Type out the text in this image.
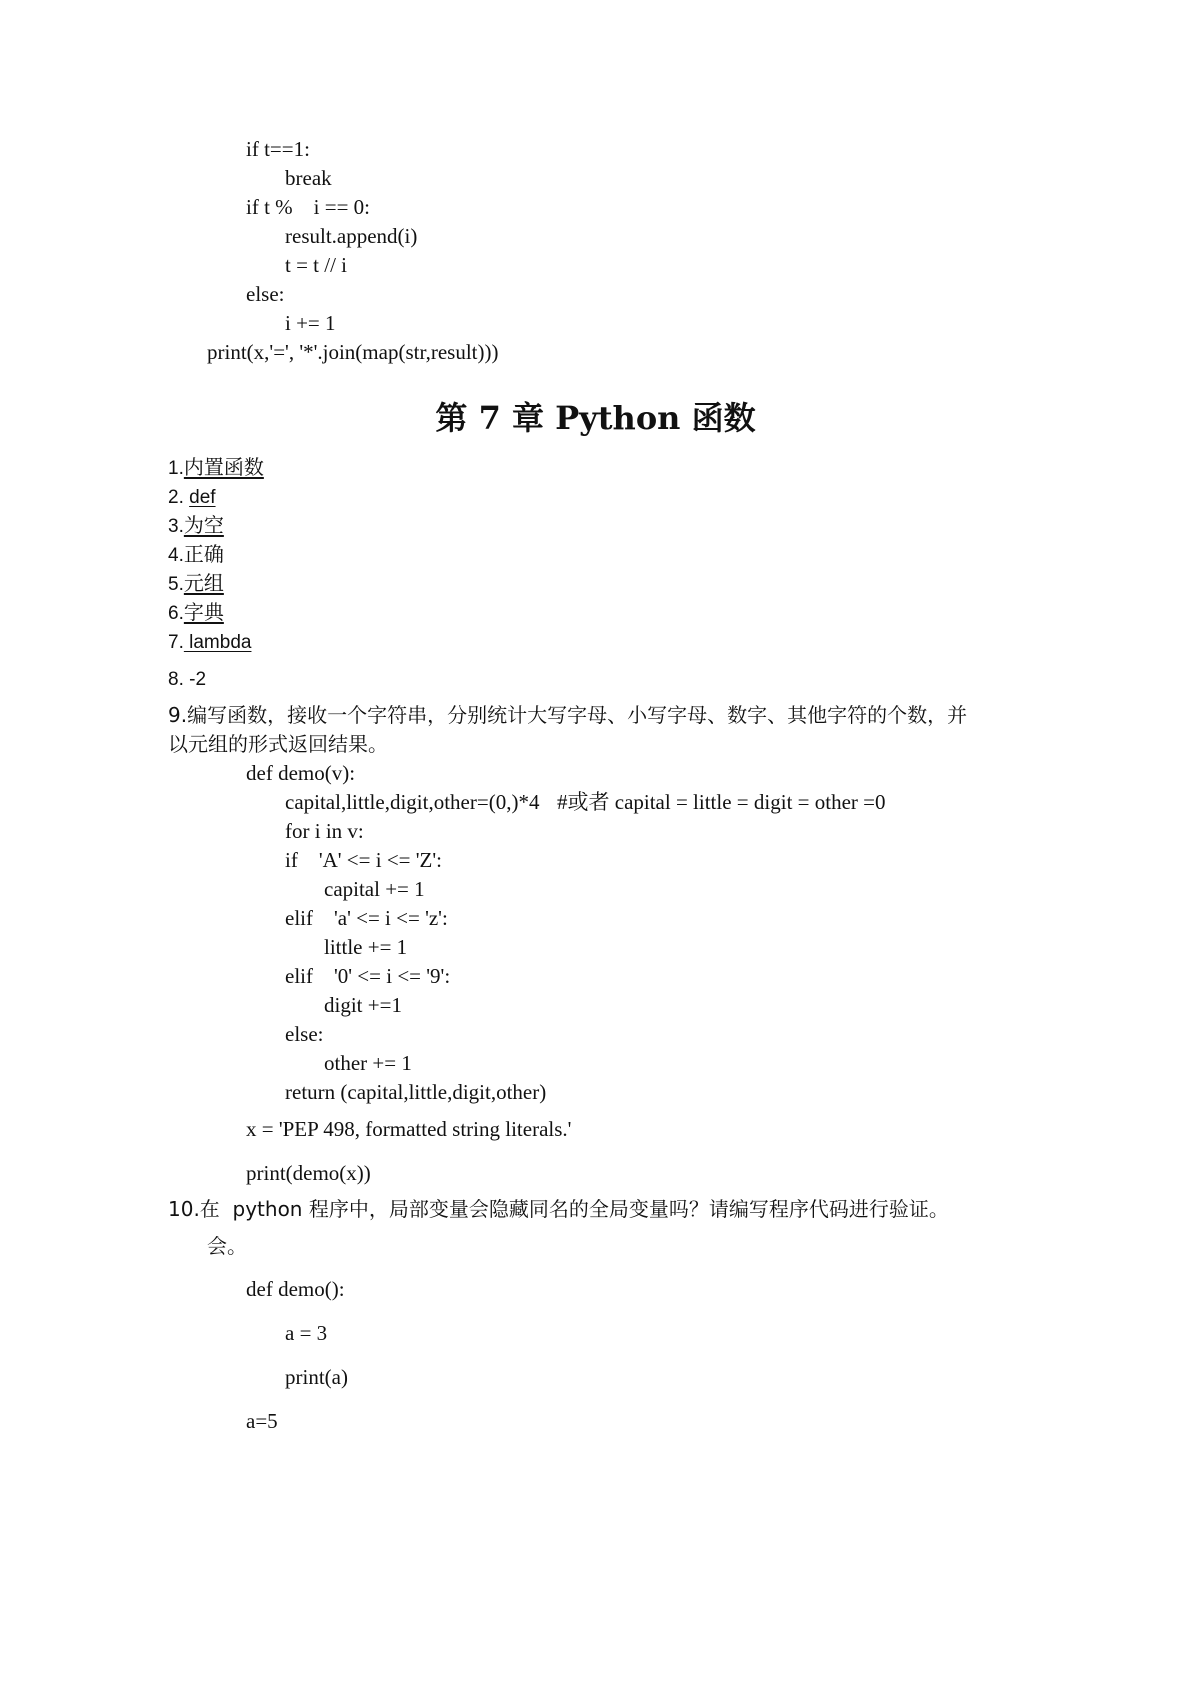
if t==1:
break
if t %    i == 0:
result.append(i)
t = t // i
else:
i += 1
print(x,'=', '*'.join(map(str,result)))
第 7 章 Python 函数
1.内置函数
2. def
3.为空
4.正确
5.元组
6.字典
7. lambda
8. -2
9.编写函数，接收一个字符串，分别统计大写字母、小写字母、数字、其他字符的个数，并
以元组的形式返回结果。
def demo(v):
capital,little,digit,other=(0,)*4 #或者 capital = little = digit = other =0
for i in v:
if    'A' <= i <= 'Z':
capital += 1
elif    'a' <= i <= 'z':
little += 1
elif    '0' <= i <= '9':
digit +=1
else:
other += 1
return (capital,little,digit,other)
x = 'PEP 498, formatted string literals.'
print(demo(x))
10.在  python 程序中，局部变量会隐藏同名的全局变量吗？请编写程序代码进行验证。
会。
def demo():
a = 3
print(a)
a=5
